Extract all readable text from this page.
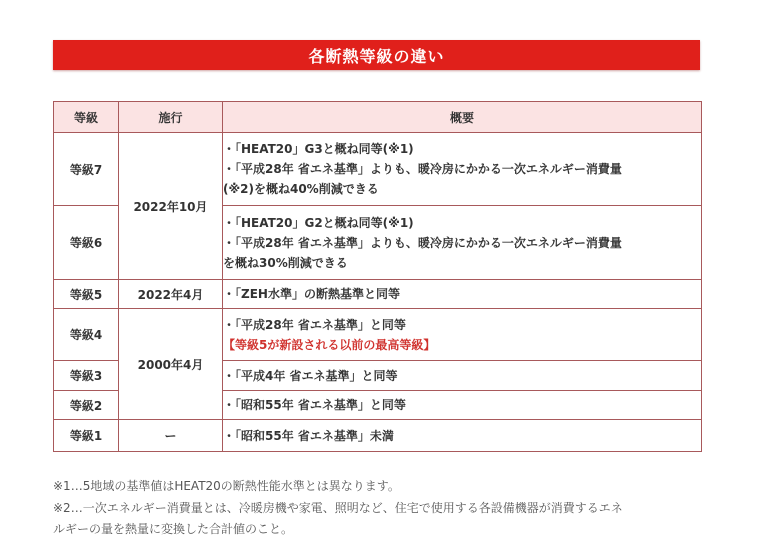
各断熱等級の違い
等級	施行	概要
等級7	2022年10月	・「HEAT20」G3と概ね同等(※1)
・「平成28年 省エネ基準」よりも、暖冷房にかかる一次エネルギー消費量
(※2)を概ね40%削減できる

等級6		・「HEAT20」G2と概ね同等(※1)
・「平成28年 省エネ基準」よりも、暖冷房にかかる一次エネルギー消費量
を概ね30%削減できる

等級5	2022年4月	・「ZEH水準」の断熱基準と同等

等級4	2000年4月	・「平成28年 省エネ基準」と同等
【等級5が新設される以前の最高等級】

等級3		・「平成4年 省エネ基準」と同等

等級2		・「昭和55年 省エネ基準」と同等

等級1	ー	・「昭和55年 省エネ基準」未満
※1…5地域の基準値はHEAT20の断熱性能水準とは異なります。
※2…一次エネルギー消費量とは、冷暖房機や家電、照明など、住宅で使用する各設備機器が消費するエネ
ルギーの量を熱量に変換した合計値のこと。
